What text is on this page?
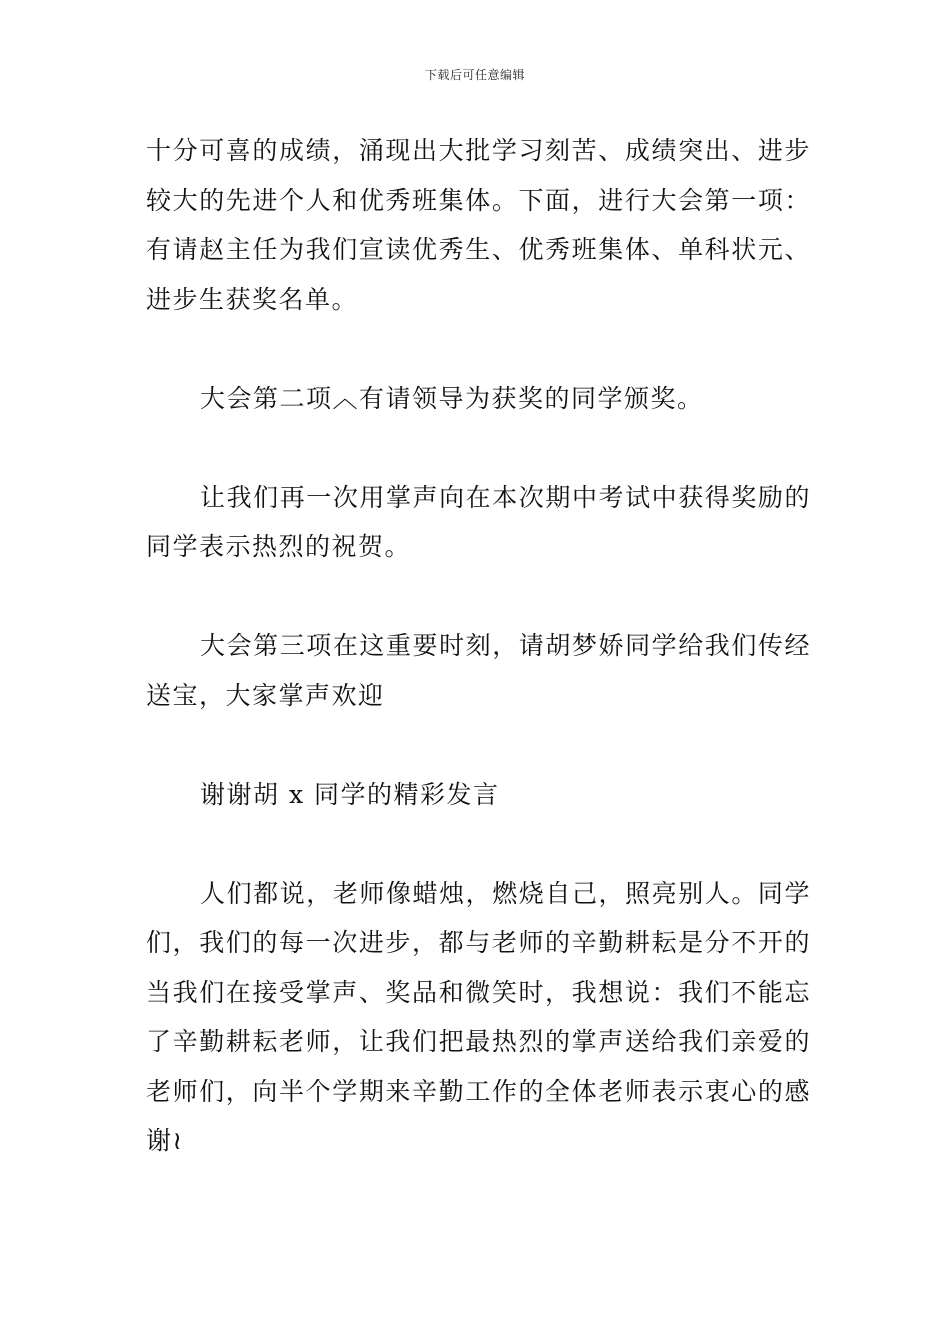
下载后可任意编辑

十分可喜的成绩，涌现出大批学习刻苦、成绩突出、进步较大的先进个人和优秀班集体。下面，进行大会第一项：有请赵主任为我们宣读优秀生、优秀班集体、单科状元、进步生获奖名单。

大会第二项︿有请领导为获奖的同学颁奖。

让我们再一次用掌声向在本次期中考试中获得奖励的同学表示热烈的祝贺。

大会第三项在这重要时刻，请胡梦娇同学给我们传经送宝，大家掌声欢迎

谢谢胡 x 同学的精彩发言

人们都说，老师像蜡烛，燃烧自己，照亮别人。同学们，我们的每一次进步，都与老师的辛勤耕耘是分不开的当我们在接受掌声、奖品和微笑时，我想说：我们不能忘了辛勤耕耘老师，让我们把最热烈的掌声送给我们亲爱的老师们，向半个学期来辛勤工作的全体老师表示衷心的感谢≀
